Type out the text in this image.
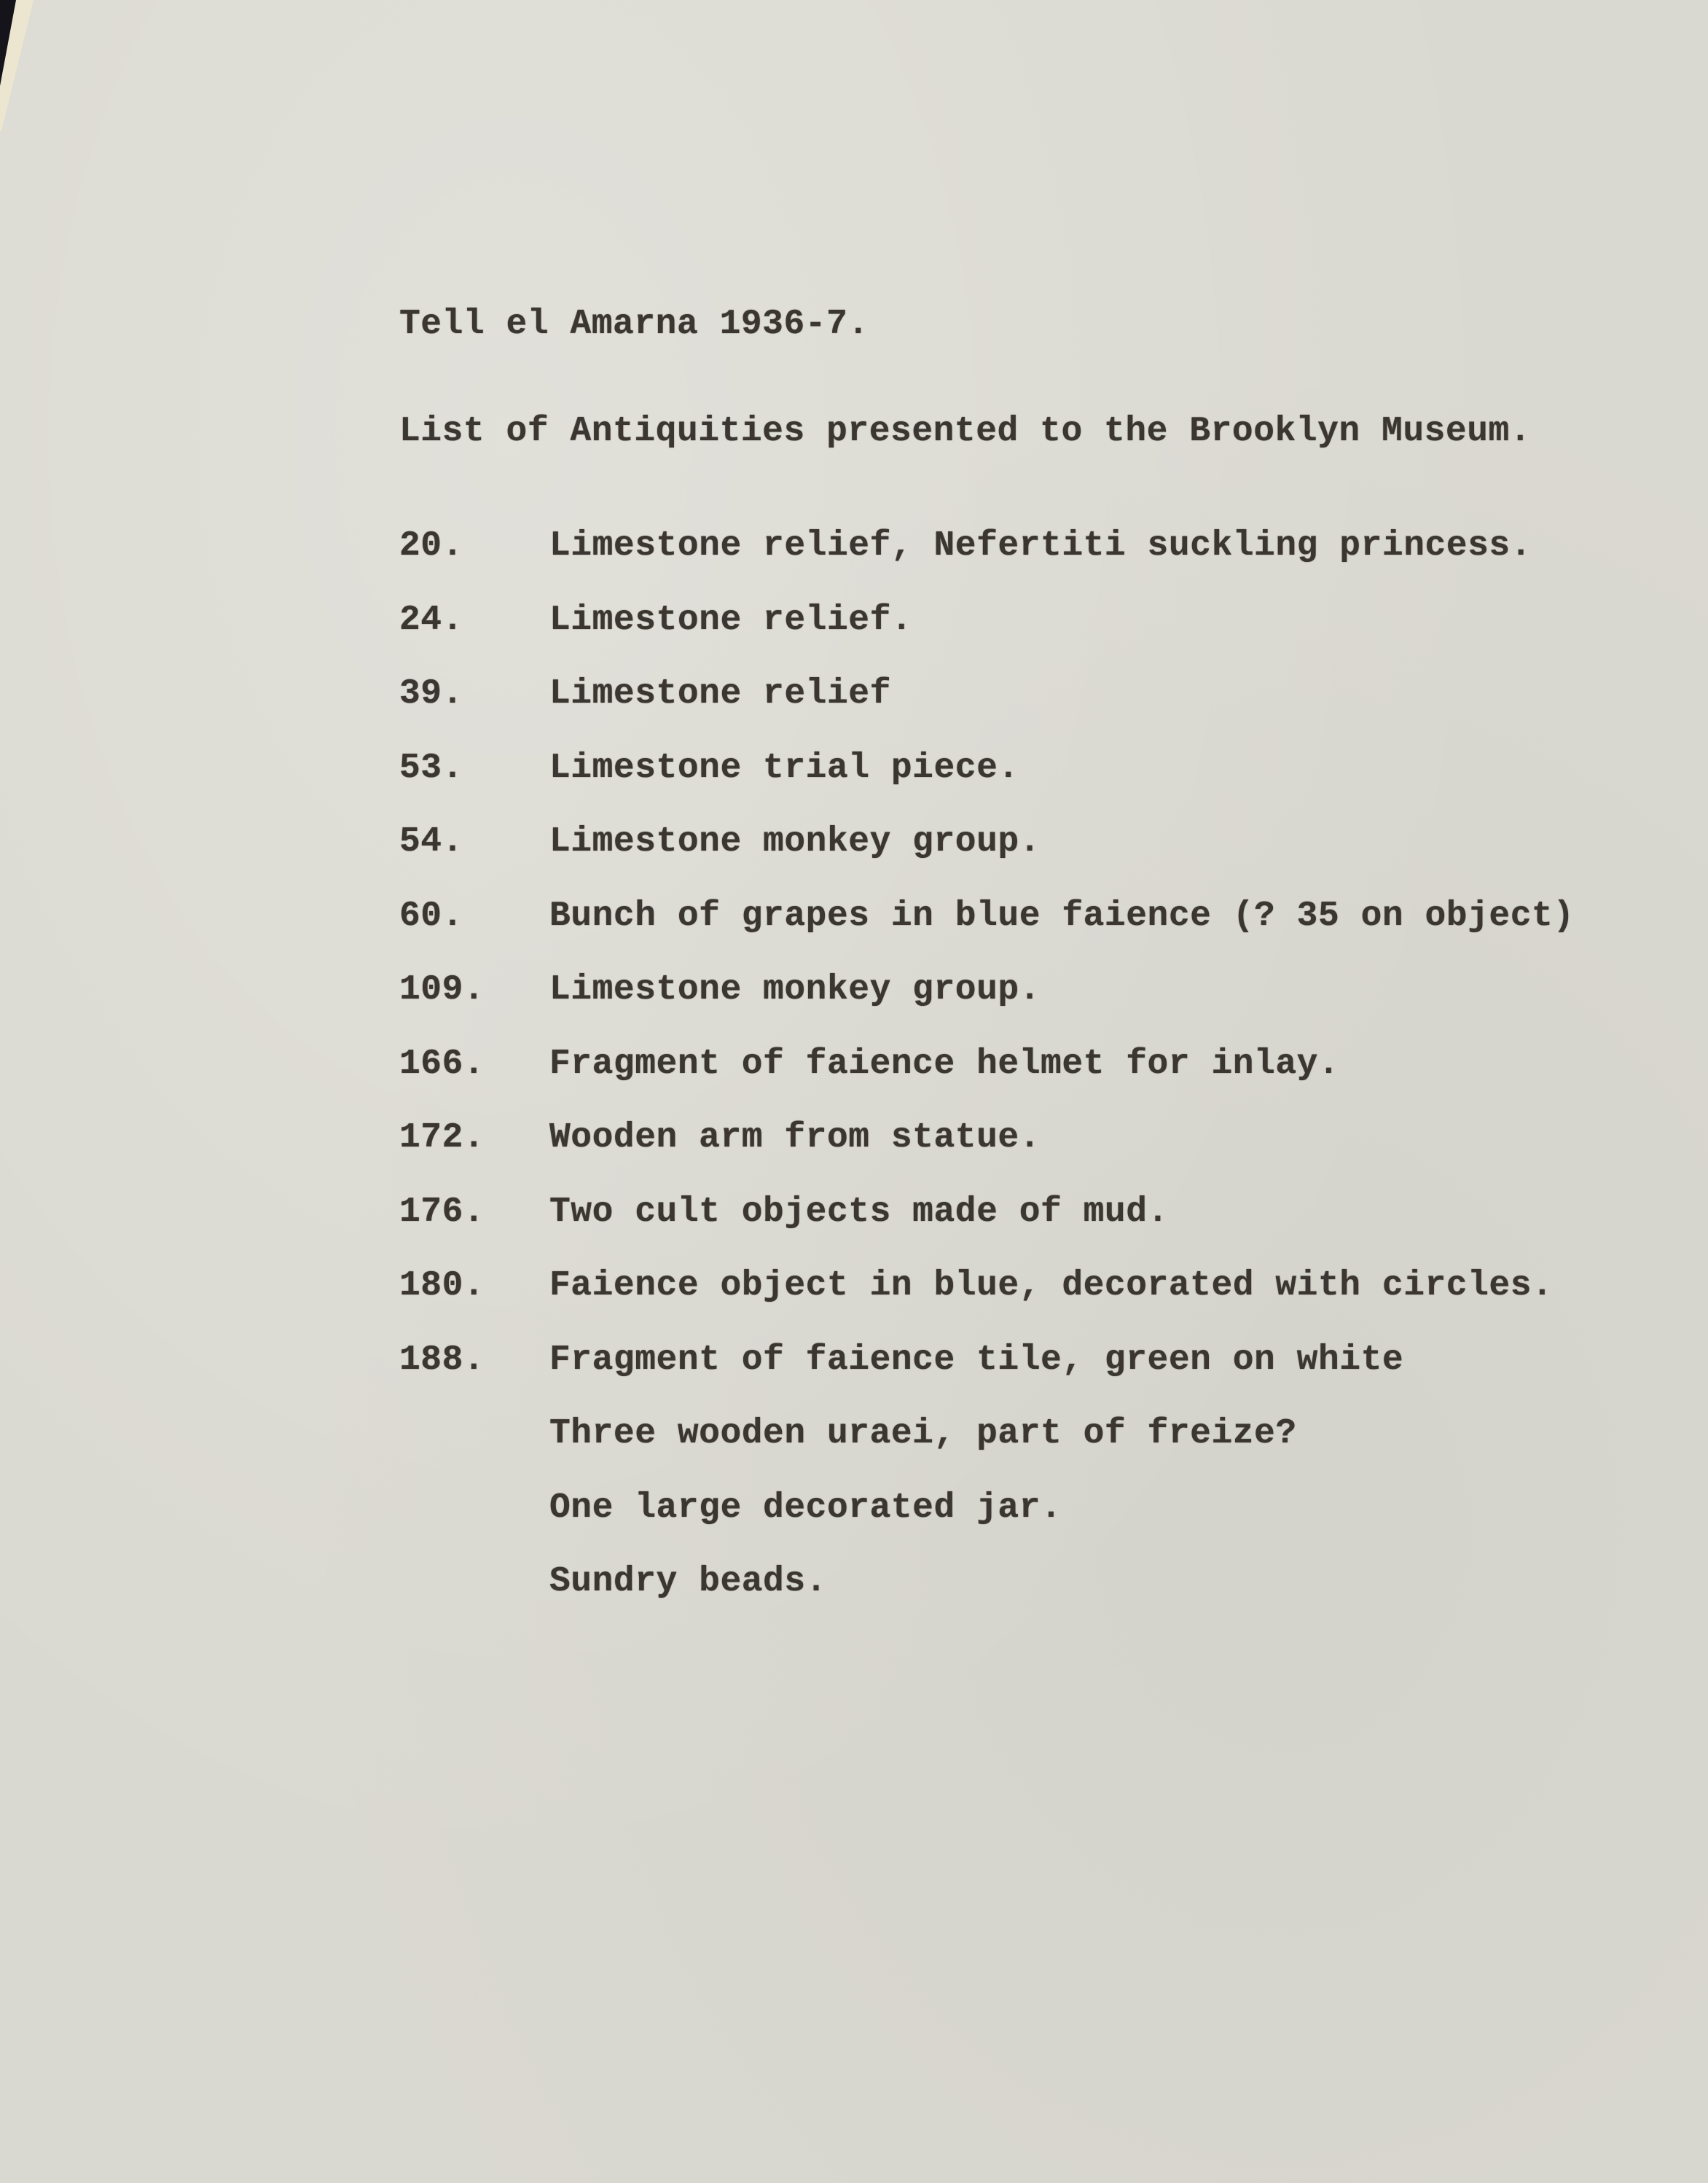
Tell el Amarna 1936-7.
List of Antiquities presented to the Brooklyn Museum.
20.	Limestone relief, Nefertiti suckling princess.
24.	Limestone relief.
39.	Limestone relief
53.	Limestone trial piece.
54.	Limestone monkey group.
60.	Bunch of grapes in blue faience (? 35 on object)
109.	Limestone monkey group.
166.	Fragment of faience helmet for inlay.
172.	Wooden arm from statue.
176.	Two cult objects made of mud.
180.	Faience object in blue, decorated with circles.
188.	Fragment of faience tile, green on white
Three wooden uraei, part of freize?
One large decorated jar.
Sundry beads.
